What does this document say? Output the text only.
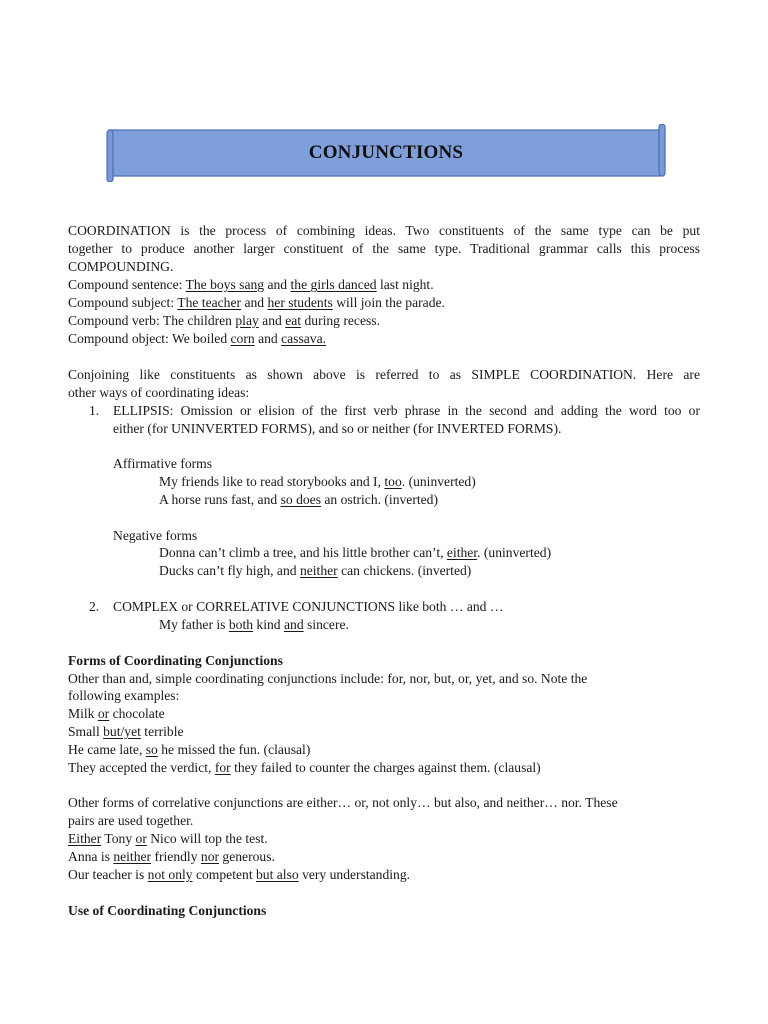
CONJUNCTIONS
COORDINATION is the process of combining ideas. Two constituents of the same type can be put
together to produce another larger constituent of the same type. Traditional grammar calls this process
COMPOUNDING.
Compound sentence: The boys sang and the girls danced last night.
Compound subject: The teacher and her students will join the parade.
Compound verb: The children play and eat during recess.
Compound object: We boiled corn and cassava.
Conjoining like constituents as shown above is referred to as SIMPLE COORDINATION. Here are
other ways of coordinating ideas:
1.	ELLIPSIS: Omission or elision of the first verb phrase in the second and adding the word too or
either (for UNINVERTED FORMS), and so or neither (for INVERTED FORMS).
Affirmative forms
My friends like to read storybooks and I, too. (uninverted)
A horse runs fast, and so does an ostrich. (inverted)
Negative forms
Donna can’t climb a tree, and his little brother can’t, either. (uninverted)
Ducks can’t fly high, and neither can chickens. (inverted)
2.	COMPLEX or CORRELATIVE CONJUNCTIONS like both … and …
My father is both kind and sincere.
Forms of Coordinating Conjunctions
Other than and, simple coordinating conjunctions include: for, nor, but, or, yet, and so. Note the
following examples:
Milk or chocolate
Small but/yet terrible
He came late, so he missed the fun. (clausal)
They accepted the verdict, for they failed to counter the charges against them. (clausal)
Other forms of correlative conjunctions are either… or, not only… but also, and neither… nor. These
pairs are used together.
Either Tony or Nico will top the test.
Anna is neither friendly nor generous.
Our teacher is not only competent but also very understanding.
Use of Coordinating Conjunctions
